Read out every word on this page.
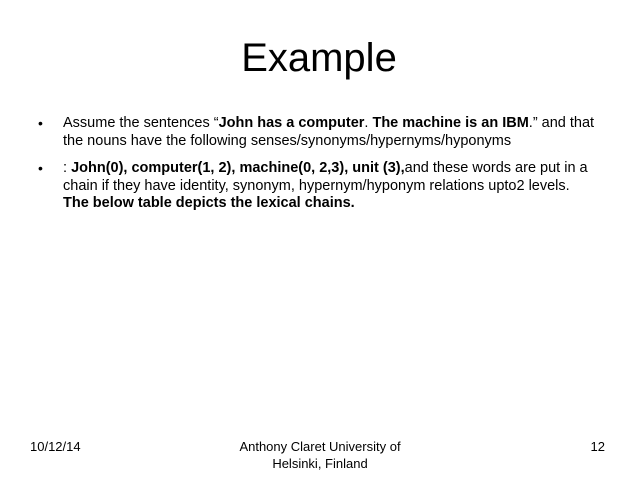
Example
• Assume the sentences “John has a computer. The machine is an IBM.” and that the nouns have the following senses/synonyms/hypernyms/hyponyms
• : John(0), computer(1, 2), machine(0, 2,3), unit (3),and these words are put in a chain if they have identity, synonym, hypernym/hyponym relations upto2 levels. The below table depicts the lexical chains.
10/12/14	Anthony Claret University of
Helsinki, Finland
12
